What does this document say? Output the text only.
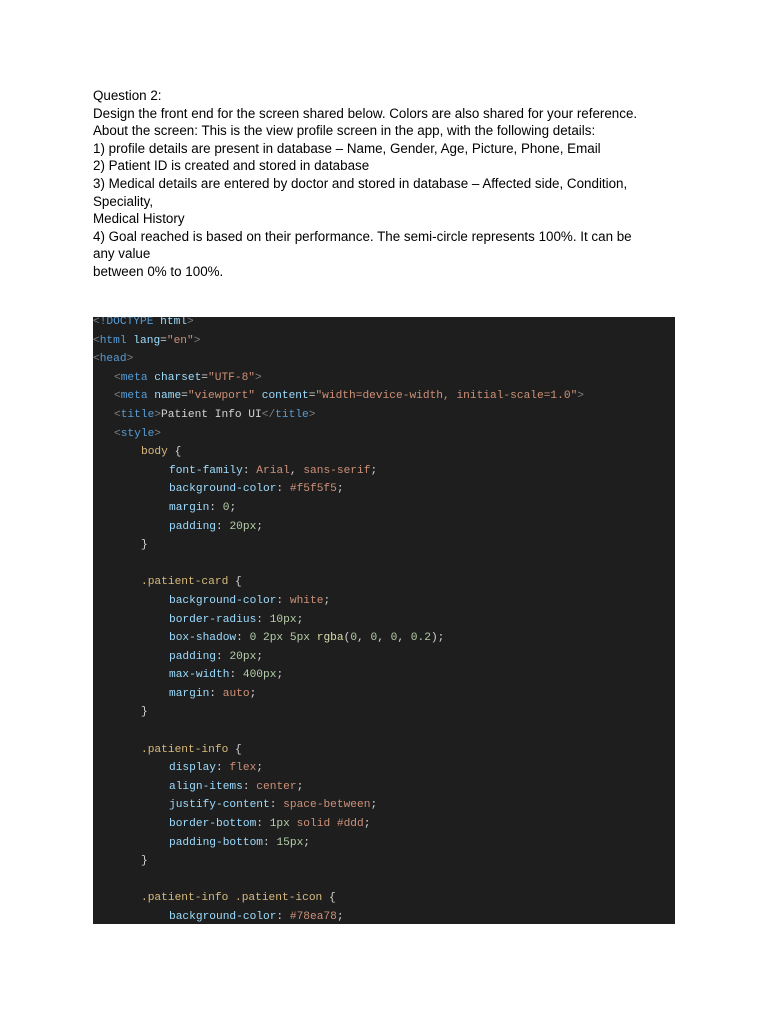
Question 2:

Design the front end for the screen shared below. Colors are also shared for your reference.

About the screen: This is the view profile screen in the app, with the following details:

1) profile details are present in database – Name, Gender, Age, Picture, Phone, Email

2) Patient ID is created and stored in database

3) Medical details are entered by doctor and stored in database – Affected side, Condition,

Speciality,

Medical History

4) Goal reached is based on their performance. The semi-circle represents 100%. It can be

any value

between 0% to 100%.

<!DOCTYPE html>
<html lang="en">
<head>
<meta charset="UTF-8">
<meta name="viewport" content="width=device-width, initial-scale=1.0">
<title>Patient Info UI</title>
<style>
body {
font-family: Arial, sans-serif;
background-color: #f5f5f5;
margin: 0;
padding: 20px;
}
.patient-card {
background-color: white;
border-radius: 10px;
box-shadow: 0 2px 5px rgba(0, 0, 0, 0.2);
padding: 20px;
max-width: 400px;
margin: auto;
}
.patient-info {
display: flex;
align-items: center;
justify-content: space-between;
border-bottom: 1px solid #ddd;
padding-bottom: 15px;
}
.patient-info .patient-icon {
background-color: #78ea78;
